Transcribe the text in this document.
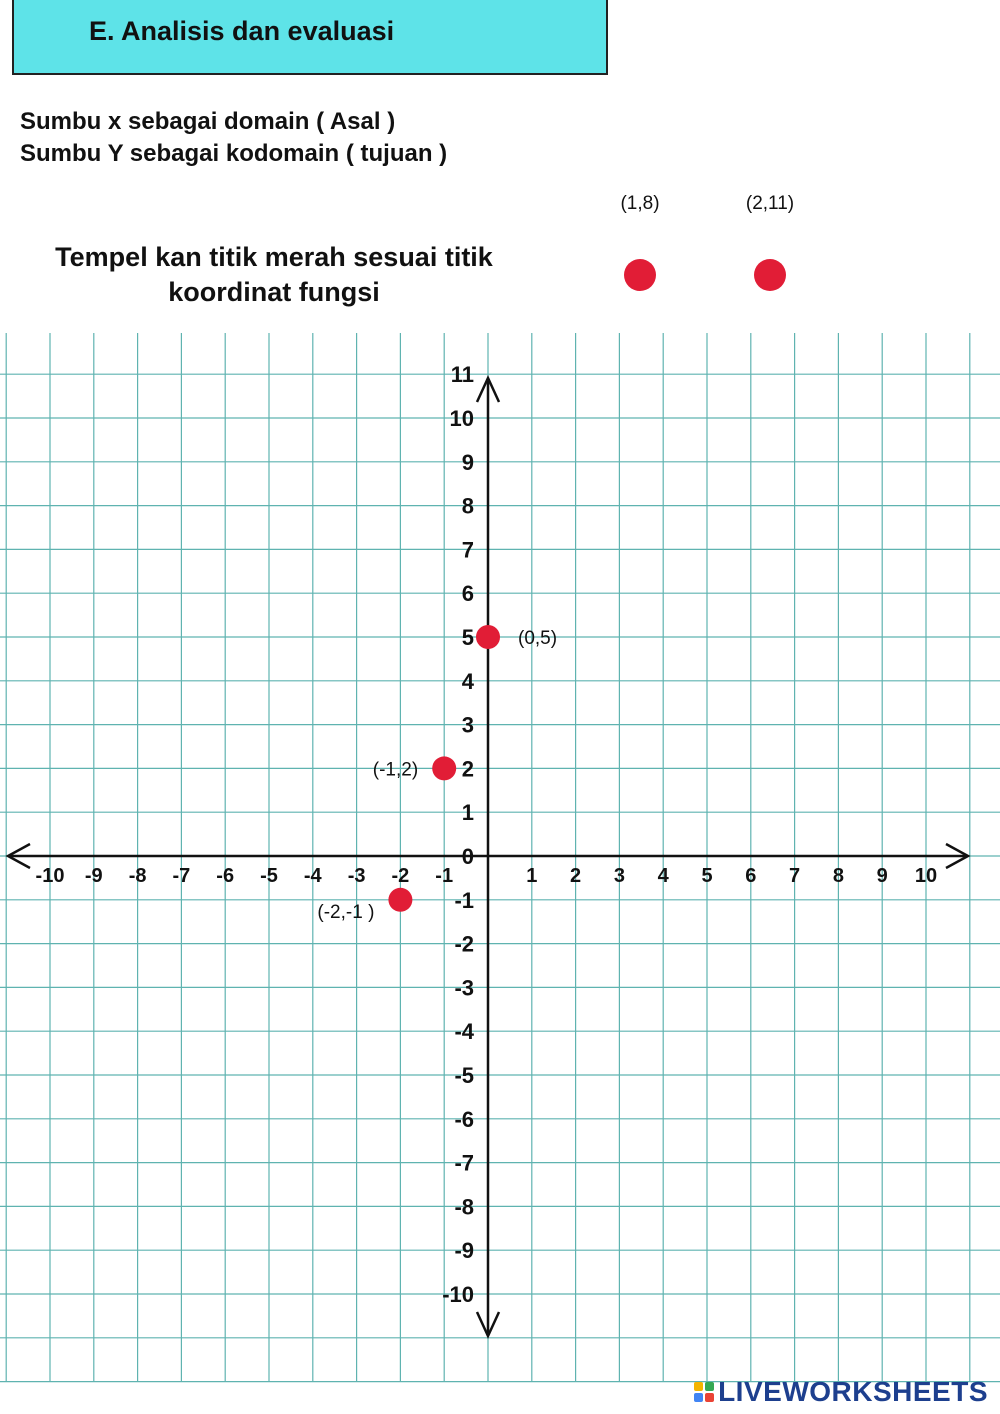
E. Analisis dan evaluasi
Sumbu x sebagai domain ( Asal )
Sumbu Y sebagai kodomain ( tujuan )
Tempel kan titik merah sesuai titik
koordinat fungsi
-10 -9 -8 -7 -6 -5 -4 -3 -2 -1	1 2 3 4 5 6 7 8 9 10
11
10
9
8
7
6
5
4
3
2
1
0
-1
-2
-3
-4
-5
-6
-7
-8
-9
-10
(0,5)
(-1,2)
(-2,-1 )
(1,8)	(2,11)
LIVEWORKSHEETS
